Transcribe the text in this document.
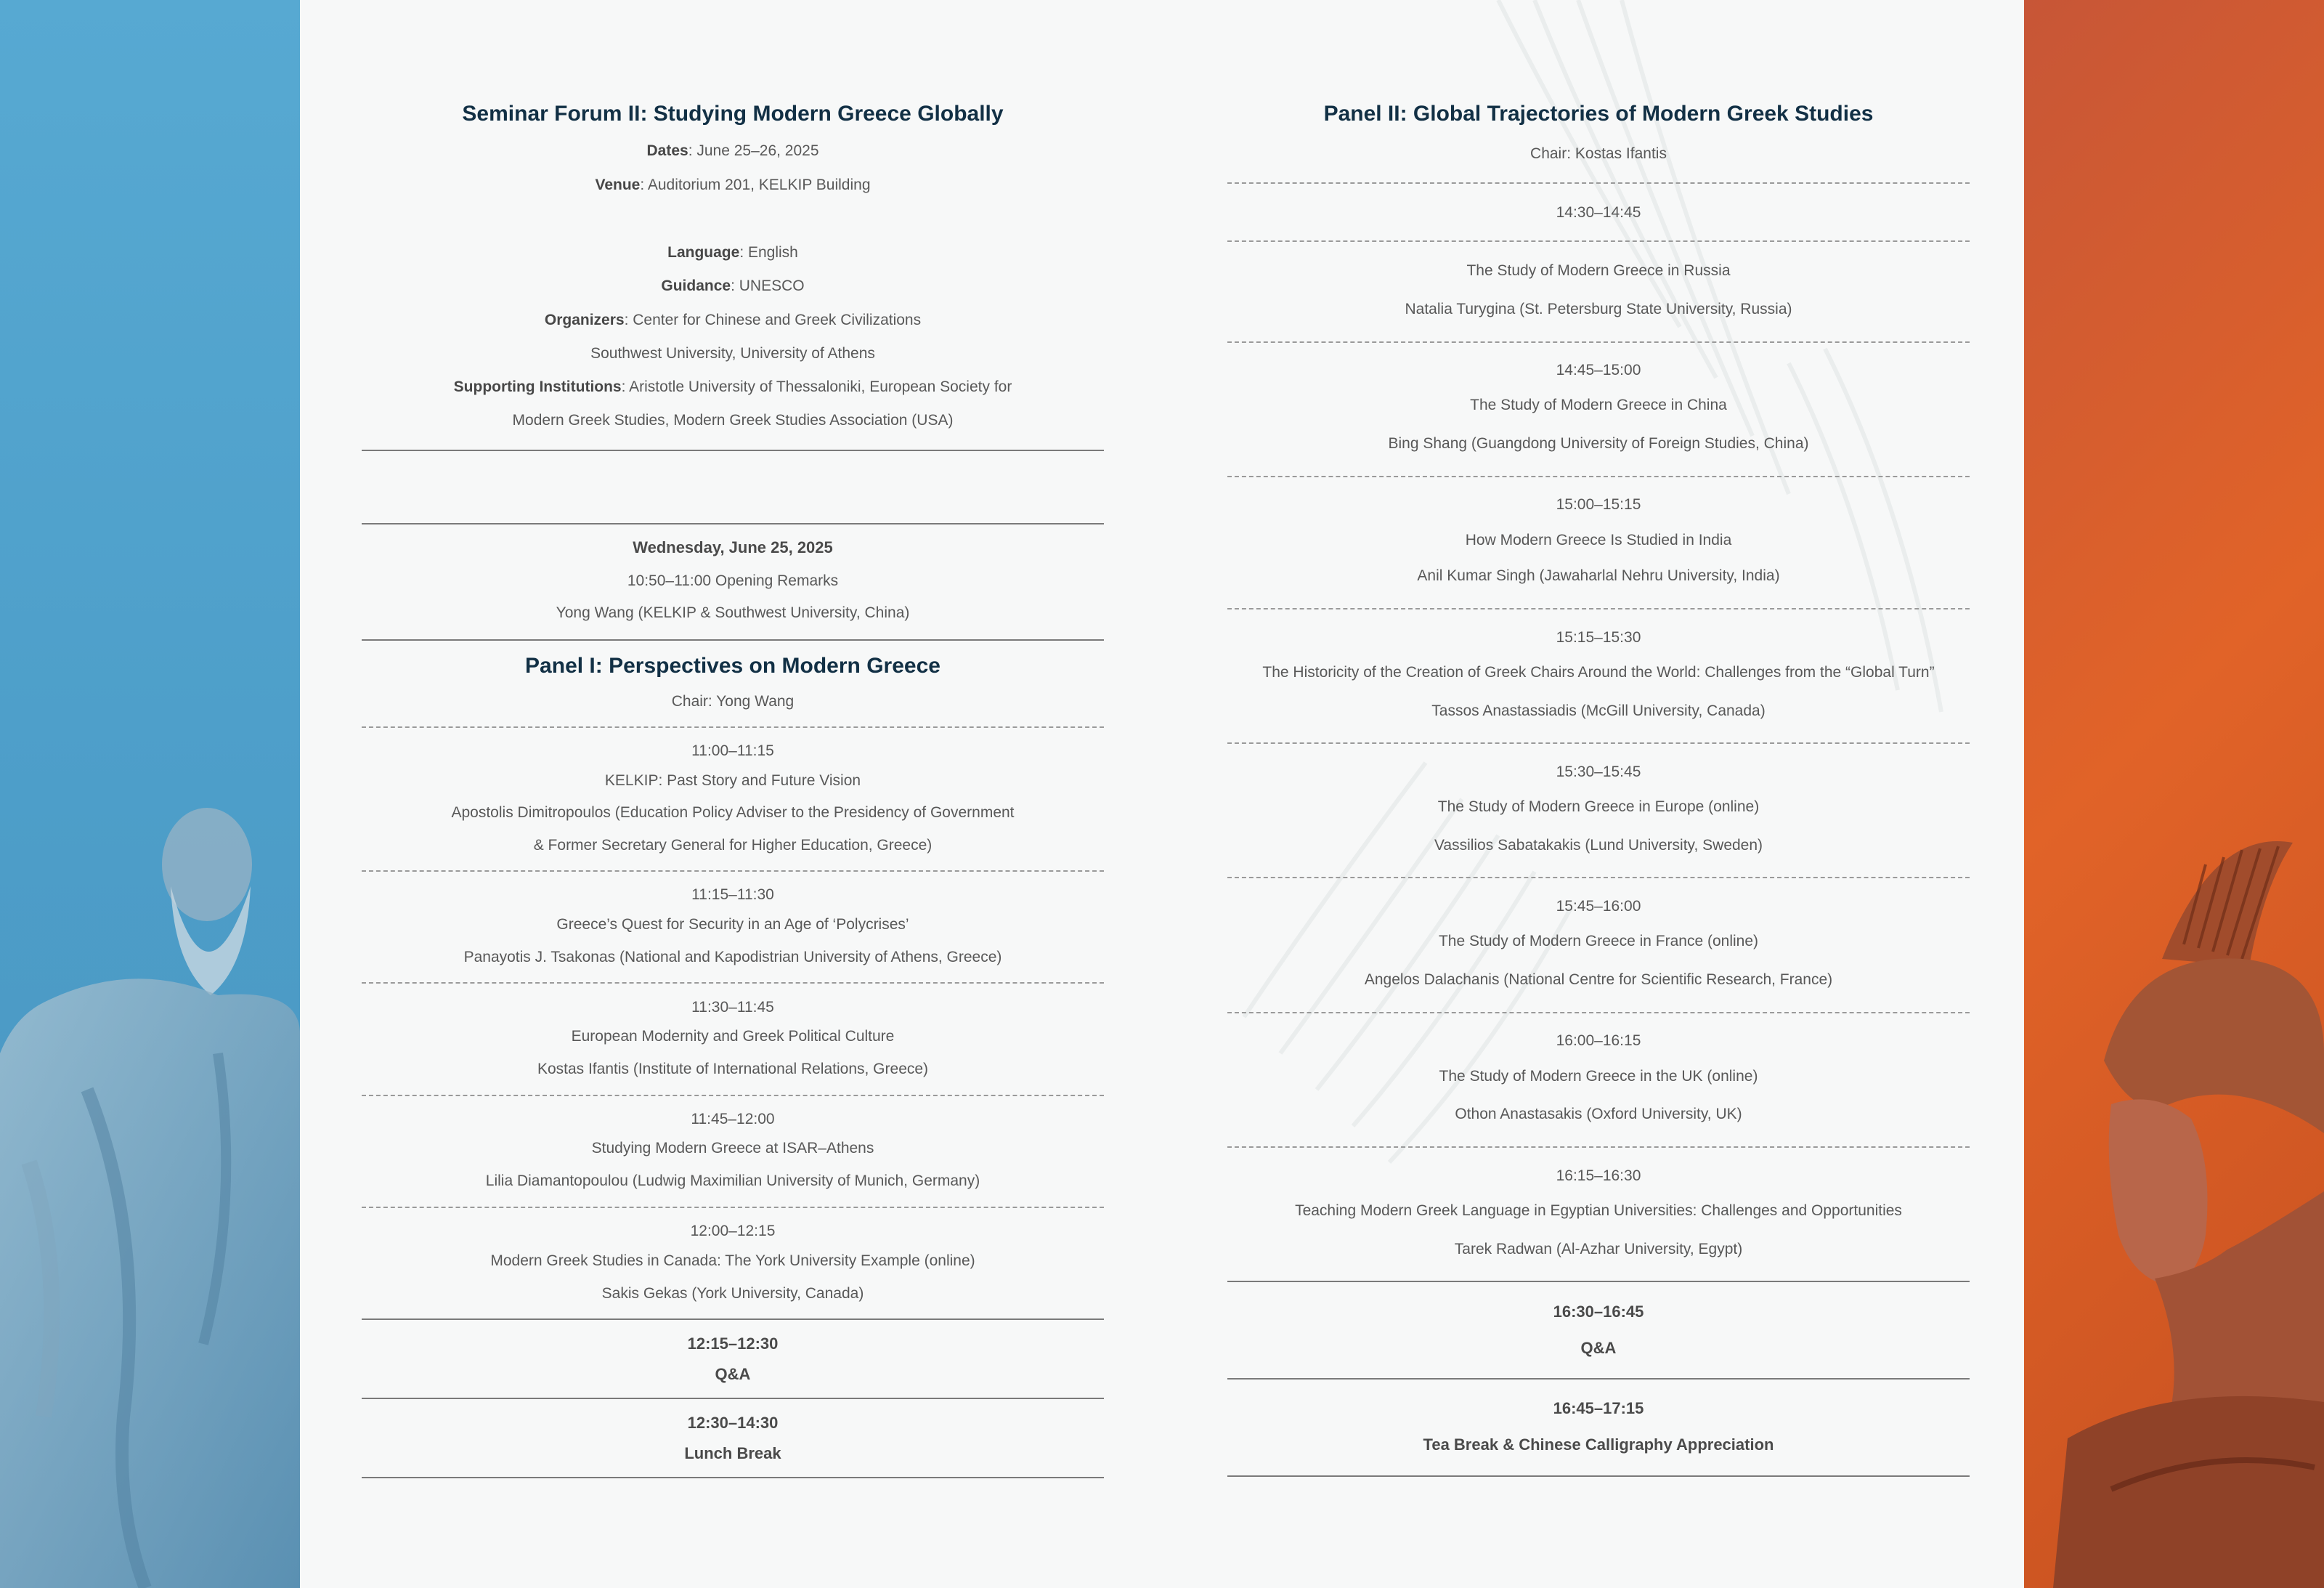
Seminar Forum II: Studying Modern Greece Globally
Dates: June 25–26, 2025
Venue: Auditorium 201, KELKIP Building
Language: English
Guidance: UNESCO
Organizers: Center for Chinese and Greek Civilizations
Southwest University, University of Athens
Supporting Institutions: Aristotle University of Thessaloniki, European Society for
Modern Greek Studies, Modern Greek Studies Association (USA)
Wednesday, June 25, 2025
10:50–11:00 Opening Remarks
Yong Wang (KELKIP & Southwest University, China)
Panel I: Perspectives on Modern Greece
Chair: Yong Wang
11:00–11:15
KELKIP: Past Story and Future Vision
Apostolis Dimitropoulos (Education Policy Adviser to the Presidency of Government
& Former Secretary General for Higher Education, Greece)
11:15–11:30
Greece’s Quest for Security in an Age of ‘Polycrises’
Panayotis J. Tsakonas (National and Kapodistrian University of Athens, Greece)
11:30–11:45
European Modernity and Greek Political Culture
Kostas Ifantis (Institute of International Relations, Greece)
11:45–12:00
Studying Modern Greece at ISAR–Athens
Lilia Diamantopoulou (Ludwig Maximilian University of Munich, Germany)
12:00–12:15
Modern Greek Studies in Canada: The York University Example (online)
Sakis Gekas (York University, Canada)
12:15–12:30
Q&A
12:30–14:30
Lunch Break
Panel II: Global Trajectories of Modern Greek Studies
Chair: Kostas Ifantis
14:30–14:45
The Study of Modern Greece in Russia
Natalia Turygina (St. Petersburg State University, Russia)
14:45–15:00
The Study of Modern Greece in China
Bing Shang (Guangdong University of Foreign Studies, China)
15:00–15:15
How Modern Greece Is Studied in India
Anil Kumar Singh (Jawaharlal Nehru University, India)
15:15–15:30
The Historicity of the Creation of Greek Chairs Around the World: Challenges from the “Global Turn”
Tassos Anastassiadis (McGill University, Canada)
15:30–15:45
The Study of Modern Greece in Europe (online)
Vassilios Sabatakakis (Lund University, Sweden)
15:45–16:00
The Study of Modern Greece in France (online)
Angelos Dalachanis (National Centre for Scientific Research, France)
16:00–16:15
The Study of Modern Greece in the UK (online)
Othon Anastasakis (Oxford University, UK)
16:15–16:30
Teaching Modern Greek Language in Egyptian Universities: Challenges and Opportunities
Tarek Radwan (Al-Azhar University, Egypt)
16:30–16:45
Q&A
16:45–17:15
Tea Break & Chinese Calligraphy Appreciation
